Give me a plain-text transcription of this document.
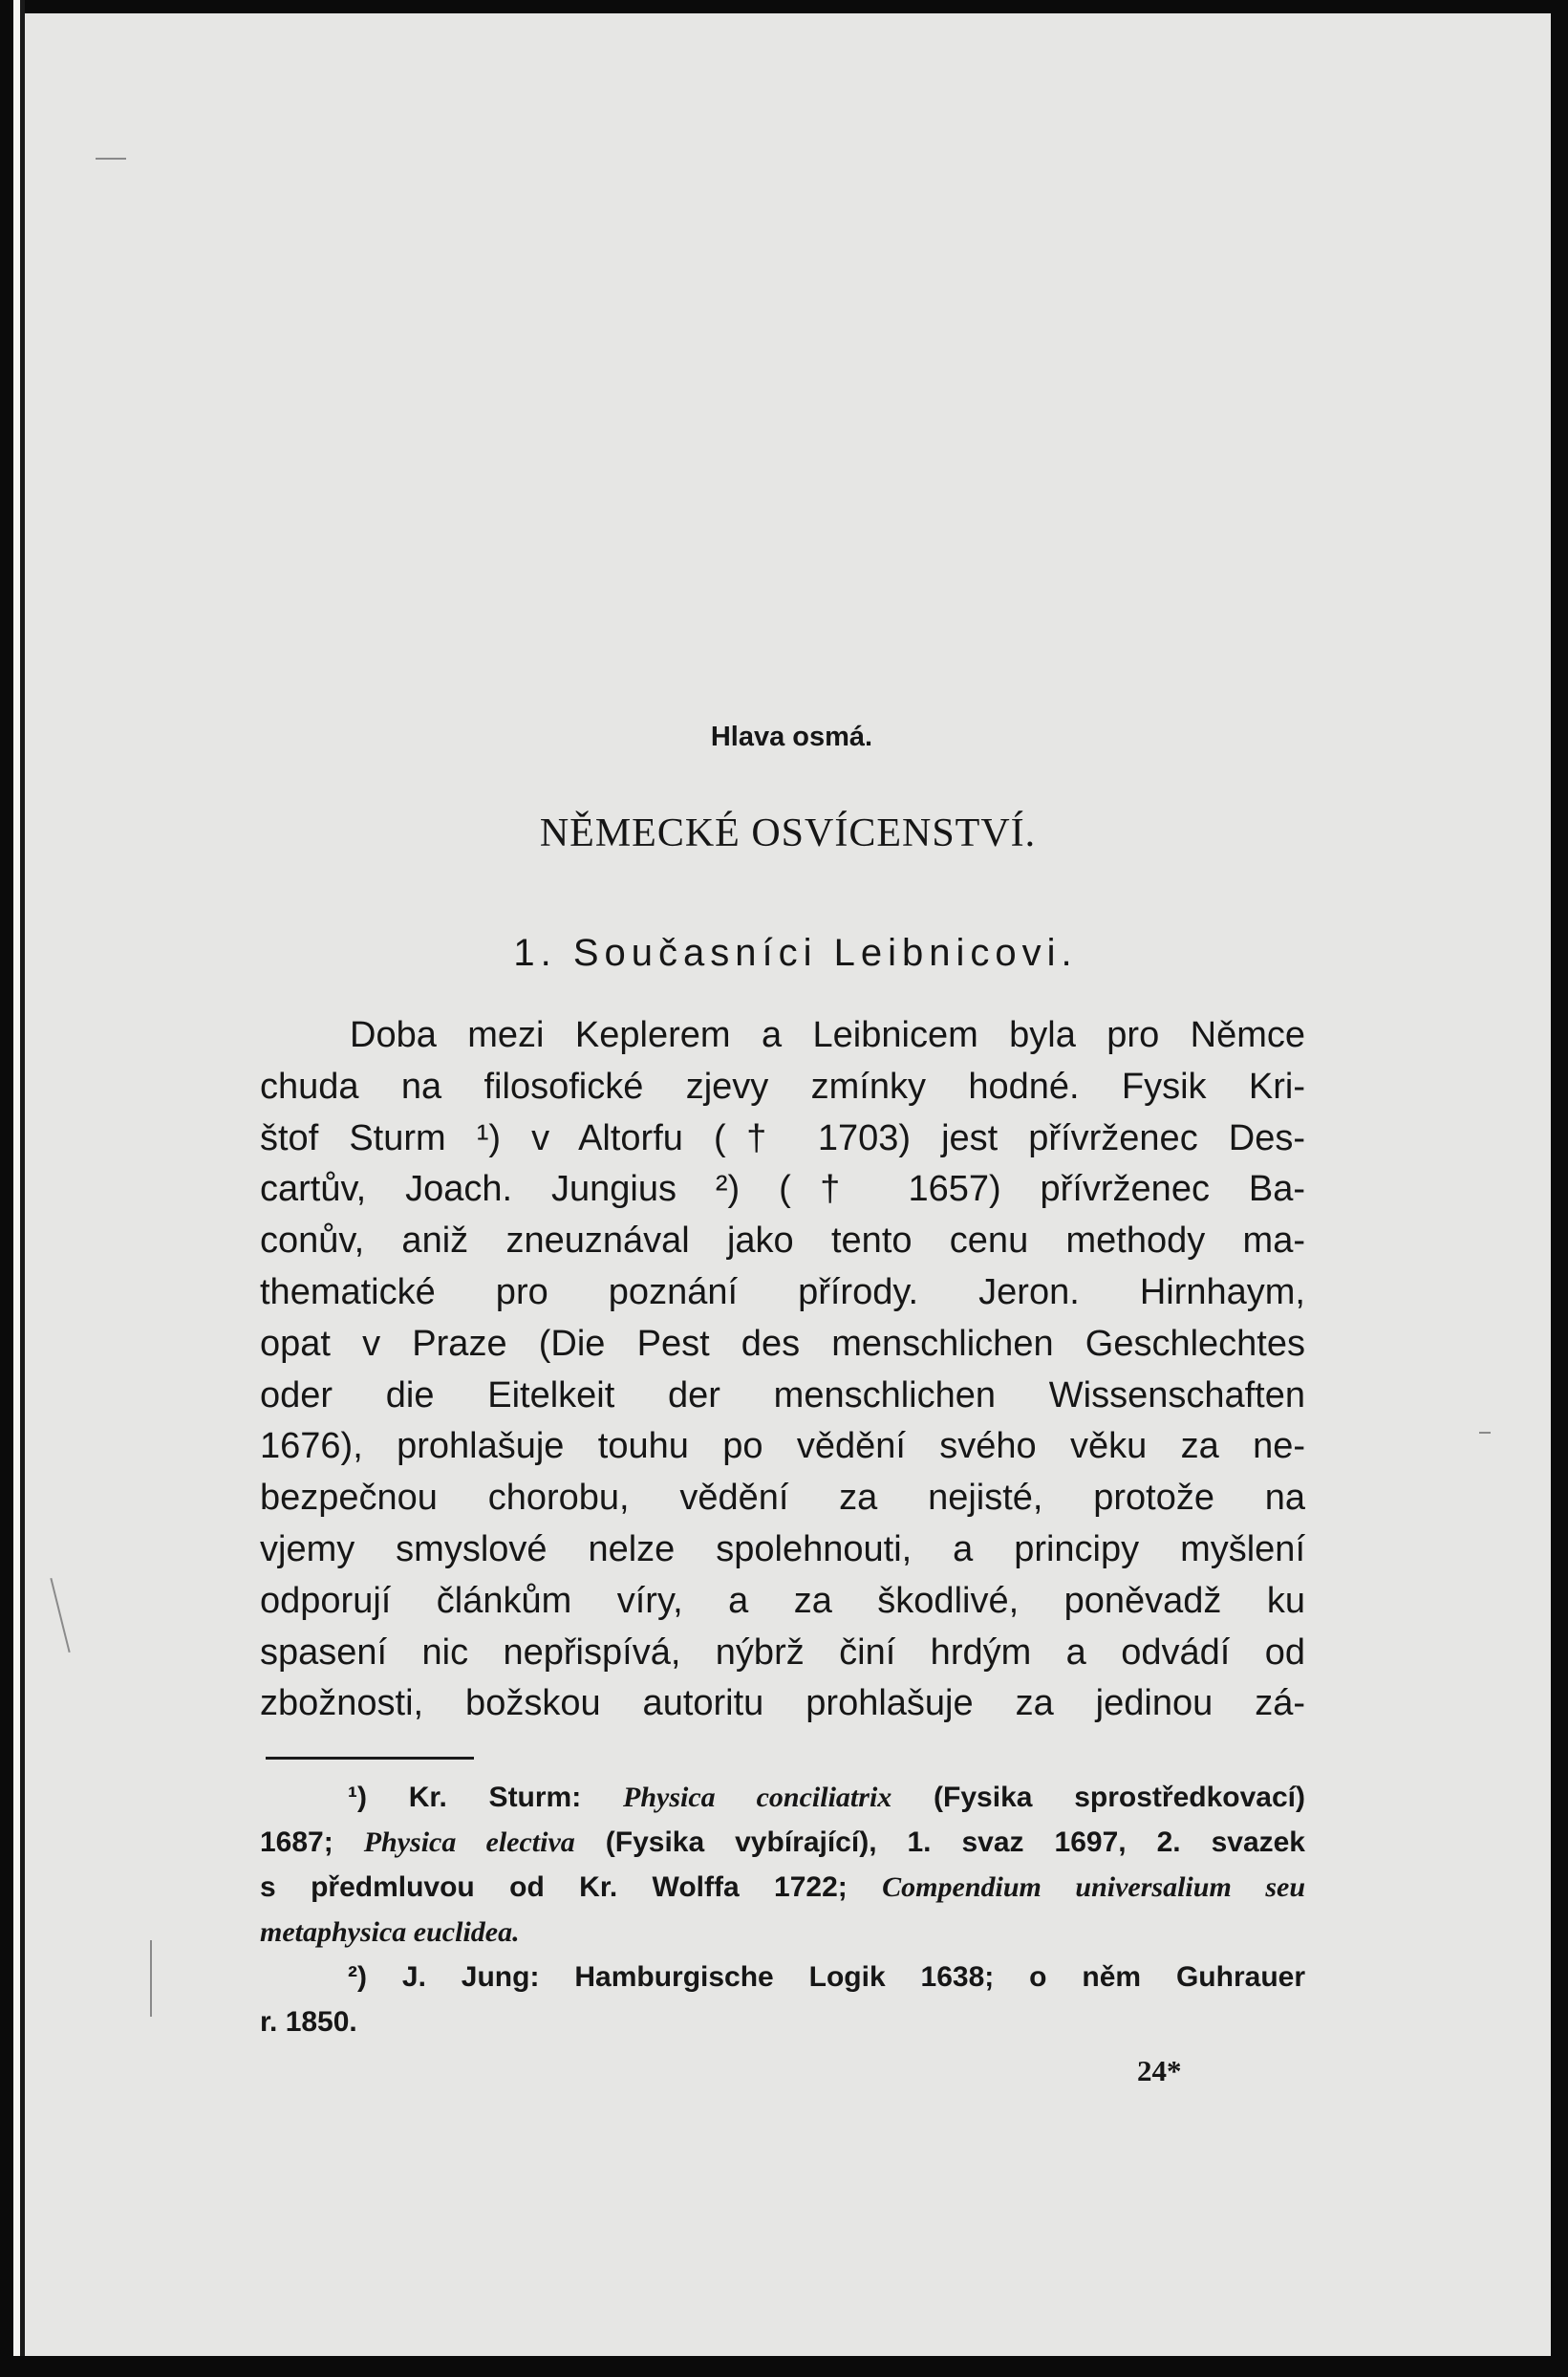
Hlava osmá.
NĚMECKÉ OSVÍCENSTVÍ.
1. Současníci Leibnicovi.
Doba mezi Keplerem a Leibnicem byla pro Němce
chuda na filosofické zjevy zmínky hodné. Fysik Kri-
štof Sturm ¹) v Altorfu († 1703) jest přívrženec Des-
cartův, Joach. Jungius ²) († 1657) přívrženec Ba-
conův, aniž zneuznával jako tento cenu methody ma-
thematické pro poznání přírody. Jeron. Hirnhaym,
opat v Praze (Die Pest des menschlichen Geschlechtes
oder die Eitelkeit der menschlichen Wissenschaften
1676), prohlašuje touhu po vědění svého věku za ne-
bezpečnou chorobu, vědění za nejisté, protože na
vjemy smyslové nelze spolehnouti, a principy myšlení
odporují článkům víry, a za škodlivé, poněvadž ku
spasení nic nepřispívá, nýbrž činí hrdým a odvádí od
zbožnosti, božskou autoritu prohlašuje za jedinou zá-
¹) Kr. Sturm: Physica conciliatrix (Fysika sprostředkovací)
1687; Physica electiva (Fysika vybírající), 1. svaz 1697, 2. svazek
s předmluvou od Kr. Wolffa 1722; Compendium universalium seu
metaphysica euclidea.
²) J. Jung: Hamburgische Logik 1638; o něm Guhrauer
r. 1850.
24*
